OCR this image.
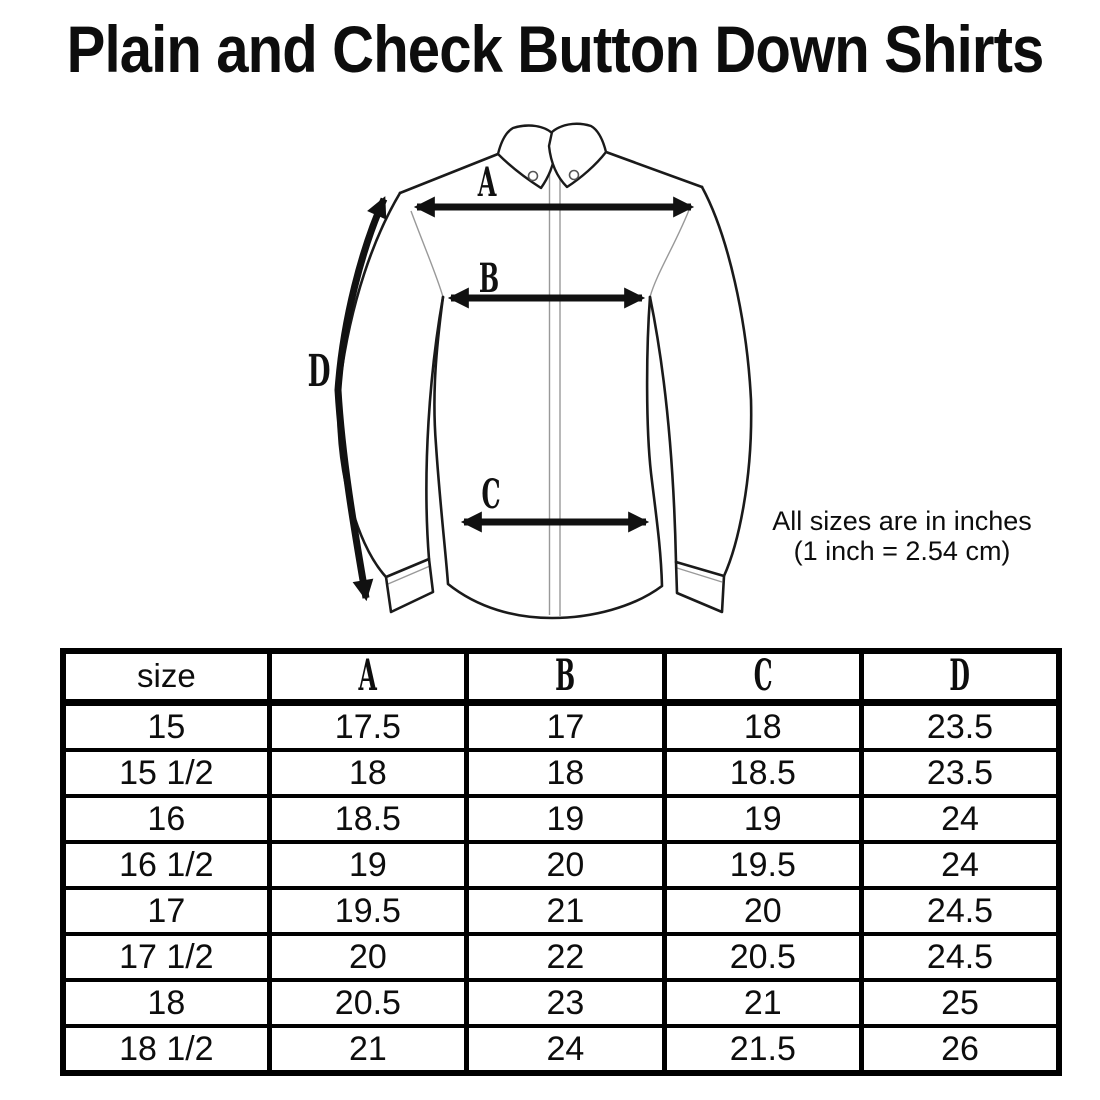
Plain and Check Button Down Shirts
A
B
C
D
All sizes are in inches
(1 inch = 2.54 cm)
size	A	B	C	D
15	17.5	17	18	23.5
15 1/2	18	18	18.5	23.5
16	18.5	19	19	24
16 1/2	19	20	19.5	24
17	19.5	21	20	24.5
17 1/2	20	22	20.5	24.5
18	20.5	23	21	25
18 1/2	21	24	21.5	26
